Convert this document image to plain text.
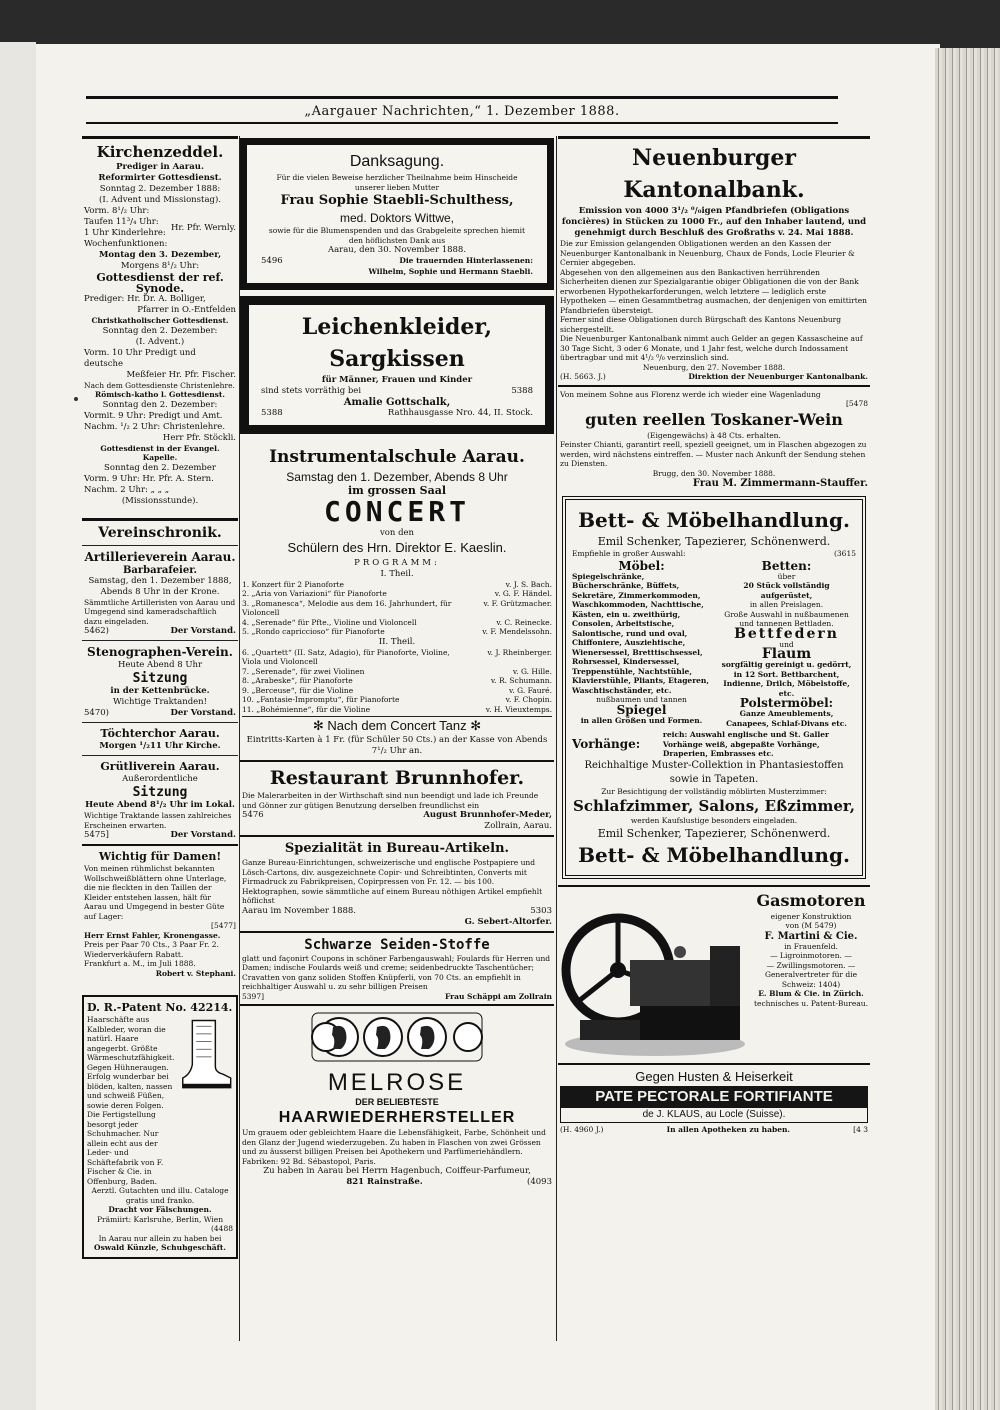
„Aargauer Nachrichten,“ 1. Dezember 1888.
Kirchenzeddel.
Prediger in Aarau.
Reformirter Gottesdienst.
Sonntag 2. Dezember 1888:
(I. Advent und Missionstag).
Vorm. 8¹/₂ Uhr:
Taufen 11³/₄ Uhr:
1 Uhr Kinderlehre:
Wochenfunktionen:
Hr. Pfr. Wernly.
Montag den 3. Dezember,
Morgens 8¹/₂ Uhr:
Gottesdienst der ref. Synode.
Prediger: Hr. Dr. A. Bolliger,
Pfarrer in O.-Entfelden
Christkatholischer Gottesdienst.
Sonntag den 2. Dezember:
(I. Advent.)
Vorm. 10 Uhr Predigt und deutsche
Meßfeier Hr. Pfr. Fischer.
Nach dem Gottesdienste Christenlehre.
Römisch-katho l. Gottesdienst.
Sonntag den 2. Dezember:
Vormit. 9 Uhr: Predigt und Amt.
Nachm. ¹/₂ 2 Uhr: Christenlehre.
Herr Pfr. Stöckli.
Gottesdienst in der Evangel. Kapelle.
Sonntag den 2. Dezember
Vorm. 9 Uhr: Hr. Pfr. A. Stern.
Nachm. 2 Uhr: „ „ „
(Missionsstunde).
Vereinschronik.
Artillerieverein Aarau.
Barbarafeier.
Samstag, den 1. Dezember 1888,
Abends 8 Uhr in der Krone.
Sämmtliche Artilleristen von Aarau und Umgegend sind kameradschaftlich dazu eingeladen.
5462)	Der Vorstand.
Stenographen-Verein.
Heute Abend 8 Uhr
Sitzung
in der Kettenbrücke.
Wichtige Traktanden!
5470)	Der Vorstand.
Töchterchor Aarau.
Morgen ¹/₂11 Uhr Kirche.
Grütliverein Aarau.
Außerordentliche
Sitzung
Heute Abend 8¹/₂ Uhr im Lokal.
Wichtige Traktande lassen zahlreiches Erscheinen erwarten.
5475]	Der Vorstand.
Wichtig für Damen!
Von meinen rühmlichst bekannten Wollschweißblättern ohne Unterlage, die nie fleckten in den Taillen der Kleider entstehen lassen, hält für Aarau und Umgegend in bester Güte auf Lager:
[5477]
Herr Ernst Fahler, Kronengasse.
Preis per Paar 70 Cts., 3 Paar Fr. 2. Wiederverkäufern Rabatt.
Frankfurt a. M., im Juli 1888.
Robert v. Stephani.
D. R.-Patent No. 42214.
Haarschäfte aus Kalbleder, woran die natürl. Haare angegerbt. Größte Wärmeschutzfähigkeit. Gegen Hühneraugen. Erfolg wunderbar bei blöden, kalten, nassen und schweiß Füßen, sowie deren Folgen. Die Fertigstellung besorgt jeder Schuhmacher. Nur allein echt aus der Leder- und Schäftefabrik von F. Fischer & Cie. in Offenburg, Baden.
Aerztl. Gutachten und illu. Cataloge gratis und franko.
Dracht vor Fälschungen.
Prämiirt: Karlsruhe, Berlin, Wien
(4488
In Aarau nur allein zu haben bei
Oswald Künzle, Schuhgeschäft.
Danksagung.
Für die vielen Beweise herzlicher Theilnahme beim Hinscheide unserer lieben Mutter
Frau Sophie Staebli-Schulthess,
med. Doktors Wittwe,
sowie für die Blumenspenden und das Grabgeleite sprechen hiemit den höflichsten Dank aus
Aarau, den 30. November 1888.
5496	Die trauernden Hinterlassenen:
Wilhelm, Sophie und Hermann Staebli.
Leichenkleider, Sargkissen
für Männer, Frauen und Kinder
sind stets vorräthig bei	5388
Amalie Gottschalk,
5388	Rathhausgasse Nro. 44, II. Stock.
Instrumentalschule Aarau.
Samstag den 1. Dezember, Abends 8 Uhr
im grossen Saal
CONCERT
von den
Schülern des Hrn. Direktor E. Kaeslin.
PROGRAMM:
I. Theil.
1. Konzert für 2 Pianoforte	v. J. S. Bach.
2. „Aria von Variazioni“ für Pianoforte	v. G. F. Händel.
3. „Romanesca“, Melodie aus dem 16. Jahrhundert, für Violoncell
v. F. Grützmacher.
4. „Serenade“ für Pfte., Violine und Violoncell	v. C. Reinecke.
5. „Rondo capriccioso“ für Pianoforte	v. F. Mendelssohn.
II. Theil.
6. „Quartett“ (II. Satz, Adagio), für Pianoforte, Violine, Viola und Violoncell
v. J. Rheinberger.
7. „Serenade“, für zwei Violinen	v. G. Hille.
8. „Arabeske“, für Pianoforte	v. R. Schumann.
9. „Berceuse“, für die Violine	v. G. Fauré.
10. „Fantasie-Impromptu“, für Pianoforte	v. F. Chopin.
11. „Bohémienne“, für die Violine	v. H. Vieuxtemps.
✻ Nach dem Concert Tanz ✻
Eintritts-Karten à 1 Fr. (für Schüler 50 Cts.) an der Kasse von Abends 7¹/₂ Uhr an.
Restaurant Brunnhofer.
Die Malerarbeiten in der Wirthschaft sind nun beendigt und lade ich Freunde und Gönner zur gütigen Benutzung derselben freundlichst ein
5476	August Brunnhofer-Meder,
Zollrain, Aarau.
Spezialität in Bureau-Artikeln.
Ganze Bureau-Einrichtungen, schweizerische und englische Postpapiere und Lösch-Cartons, div. ausgezeichnete Copir- und Schreibtinten, Converts mit Firmadruck zu Fabrikpreisen, Copirpressen von Fr. 12. — bis 100. Hektographen, sowie sämmtliche auf einem Bureau nöthigen Artikel empfiehlt höflichst
Aarau im November 1888.	5303
G. Sebert-Altorfer.
Schwarze Seiden-Stoffe
glatt und façonirt Coupons in schöner Farbengauswahl; Foulards für Herren und Damen; indische Foulards weiß und creme; seidenbedruckte Taschentücher; Cravatten von ganz soliden Stoffen Knüpferli, von 70 Cts. an empfiehlt in reichhaltiger Auswahl u. zu sehr billigen Preisen
5397]	Frau Schäppi am Zollrain
MELROSE
DER BELIEBTESTE
HAARWIEDERHERSTELLER
Um grauem oder gebleichtem Haare die Lebensfähigkeit, Farbe, Schönheit und den Glanz der Jugend wiederzugeben. Zu haben in Flaschen von zwei Grössen und zu äusserst billigen Preisen bei Apothekern und Parfümeriehändlern. Fabriken: 92 Bd. Sébastopol, Paris.
Zu haben in Aarau bei Herrn Hagenbuch, Coiffeur-Parfumeur,
821 Rainstraße.	(4093
Neuenburger Kantonalbank.
Emission von 4000 3¹/₂ ⁰/₀igen Pfandbriefen (Obligations foncières) in Stücken zu 1000 Fr., auf den Inhaber lautend, und genehmigt durch Beschluß des Großraths v. 24. Mai 1888.
Die zur Emission gelangenden Obligationen werden an den Kassen der Neuenburger Kantonalbank in Neuenburg, Chaux de Fonds, Locle Fleurier & Cernier abgegeben.
Abgesehen von den allgemeinen aus den Bankactiven herrührenden Sicherheiten dienen zur Spezialgarantie obiger Obligationen die von der Bank erworbenen Hypothekarforderungen, welch letztere — lediglich erste Hypotheken — einen Gesammtbetrag ausmachen, der denjenigen von emittirten Pfandbriefen übersteigt.
Ferner sind diese Obligationen durch Bürgschaft des Kantons Neuenburg sichergestellt.
Die Neuenburger Kantonalbank nimmt auch Gelder an gegen Kassascheine auf 30 Tage Sicht, 3 oder 6 Monate, und 1 Jahr fest, welche durch Indossament übertragbar und mit 4¹/₂ ⁰/₀ verzinslich sind.
Neuenburg, den 27. November 1888.
(H. 5663. J.)	Direktion der Neuenburger Kantonalbank.
Von meinem Sohne aus Florenz werde ich wieder eine Wagenladung
[5478
guten reellen Toskaner-Wein
(Eigengewächs) à 48 Cts. erhalten.
Feinster Chianti, garantirt reell, speziell geeignet, um in Flaschen abgezogen zu werden, wird nächstens eintreffen. — Muster nach Ankunft der Sendung stehen zu Diensten.
Brugg, den 30. November 1888.
Frau M. Zimmermann-Stauffer.
Bett- & Möbelhandlung.
Emil Schenker, Tapezierer, Schönenwerd.
Empfiehle in großer Auswahl:	(3615
Möbel:
Spiegelschränke, Bücherschränke, Büffets, Sekretäre, Zimmerkommoden, Waschkommoden, Nachttische, Kästen, ein u. zweithürig, Consolen, Arbeitstische, Salontische, rund und oval, Chiffoniere, Ausziehtische, Wienersessel, Bretttischsessel, Rohrsessel, Kindersessel, Treppenstühle, Nachtstühle, Klavierstühle, Pliants, Etageren, Waschtischständer, etc.
nußbaumen und tannen
Spiegel
in allen Größen und Formen.
Betten:
über
20 Stück vollständig aufgerüstet,
in allen Preislagen.
Große Auswahl in nußbaumenen und tannenen Bettladen.
Bettfedern
und
Flaum
sorgfältig gereinigt u. gedörrt, in 12 Sort. Bettbarchent, Indienne, Drilch, Möbelstoffe, etc.
Polstermöbel:
Ganze Ameublements, Canapees, Schlaf-Divans etc.
Vorhänge:
reich: Auswahl englische und St. Galler Vorhänge weiß, abgepaßte Vorhänge, Draperien, Embrasses etc.
Reichhaltige Muster-Collektion in Phantasiestoffen sowie in Tapeten.
Zur Besichtigung der vollständig möblirten Musterzimmer:
Schlafzimmer, Salons, Eßzimmer,
werden Kaufslustige besonders eingeladen.
Emil Schenker, Tapezierer, Schönenwerd.
Bett- & Möbelhandlung.
Gasmotoren
eigener Konstruktion
von (M 5479)
F. Martini & Cie.
in Frauenfeld.
— Ligroinmotoren. —
— Zwillingsmotoren. —
Generalvertreter für die
Schweiz: 1404)
E. Blum & Cie. in Zürich.
technisches u. Patent-Bureau.
Gegen Husten & Heiserkeit
PATE PECTORALE FORTIFIANTE
de J. KLAUS, au Locle (Suisse).
(H. 4960 J.)	In allen Apotheken zu haben.	[4 3
